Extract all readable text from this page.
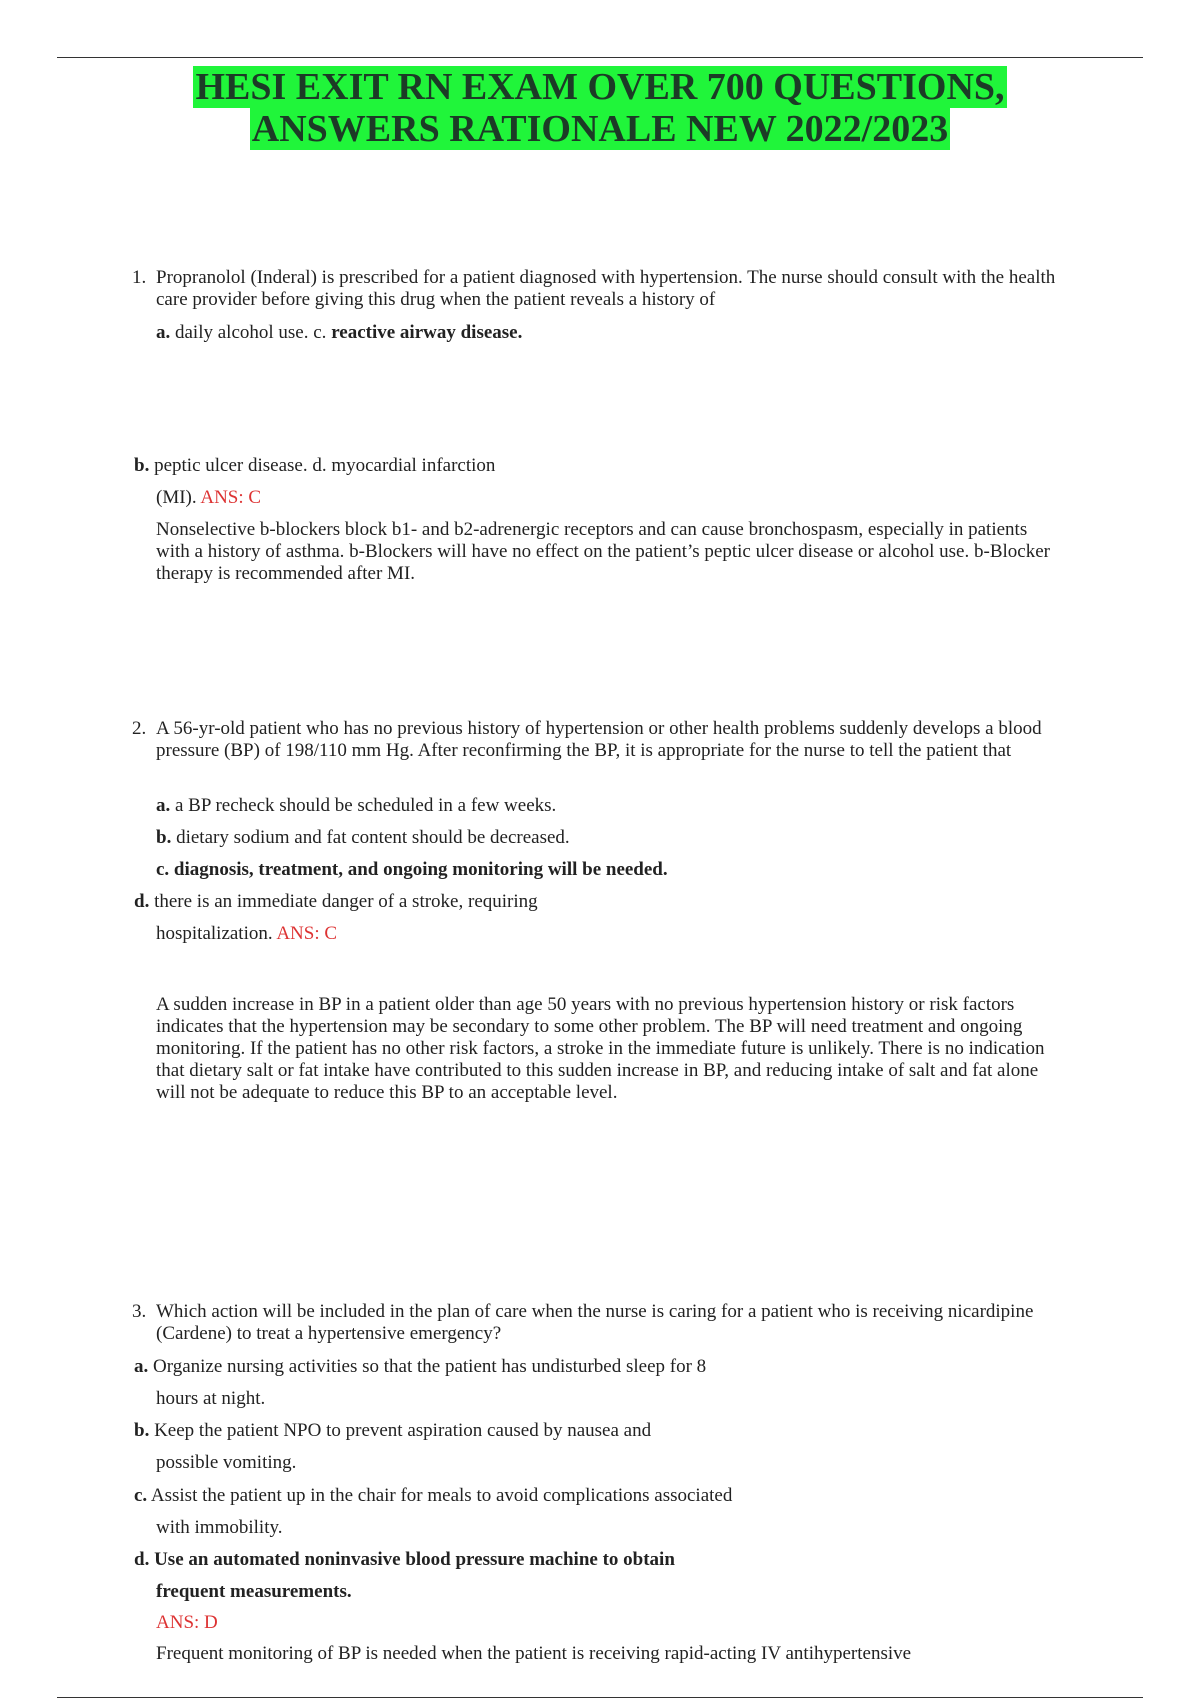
HESI EXIT RN EXAM OVER 700 QUESTIONS,
ANSWERS RATIONALE NEW 2022/2023
1. Propranolol (Inderal) is prescribed for a patient diagnosed with hypertension. The nurse should consult with the health care provider before giving this drug when the patient reveals a history of
a. daily alcohol use. c. reactive airway disease.
b. peptic ulcer disease. d. myocardial infarction
(MI). ANS: C
Nonselective b-blockers block b1- and b2-adrenergic receptors and can cause bronchospasm, especially in patients with a history of asthma. b-Blockers will have no effect on the patient’s peptic ulcer disease or alcohol use. b-Blocker therapy is recommended after MI.
2. A 56-yr-old patient who has no previous history of hypertension or other health problems suddenly develops a blood pressure (BP) of 198/110 mm Hg. After reconfirming the BP, it is appropriate for the nurse to tell the patient that
a. a BP recheck should be scheduled in a few weeks.
b. dietary sodium and fat content should be decreased.
c. diagnosis, treatment, and ongoing monitoring will be needed.
d. there is an immediate danger of a stroke, requiring
hospitalization. ANS: C
A sudden increase in BP in a patient older than age 50 years with no previous hypertension history or risk factors indicates that the hypertension may be secondary to some other problem. The BP will need treatment and ongoing monitoring. If the patient has no other risk factors, a stroke in the immediate future is unlikely. There is no indication that dietary salt or fat intake have contributed to this sudden increase in BP, and reducing intake of salt and fat alone will not be adequate to reduce this BP to an acceptable level.
3. Which action will be included in the plan of care when the nurse is caring for a patient who is receiving nicardipine (Cardene) to treat a hypertensive emergency?
a. Organize nursing activities so that the patient has undisturbed sleep for 8
hours at night.
b. Keep the patient NPO to prevent aspiration caused by nausea and
possible vomiting.
c. Assist the patient up in the chair for meals to avoid complications associated
with immobility.
d. Use an automated noninvasive blood pressure machine to obtain
frequent measurements.
ANS: D
Frequent monitoring of BP is needed when the patient is receiving rapid-acting IV antihypertensive
